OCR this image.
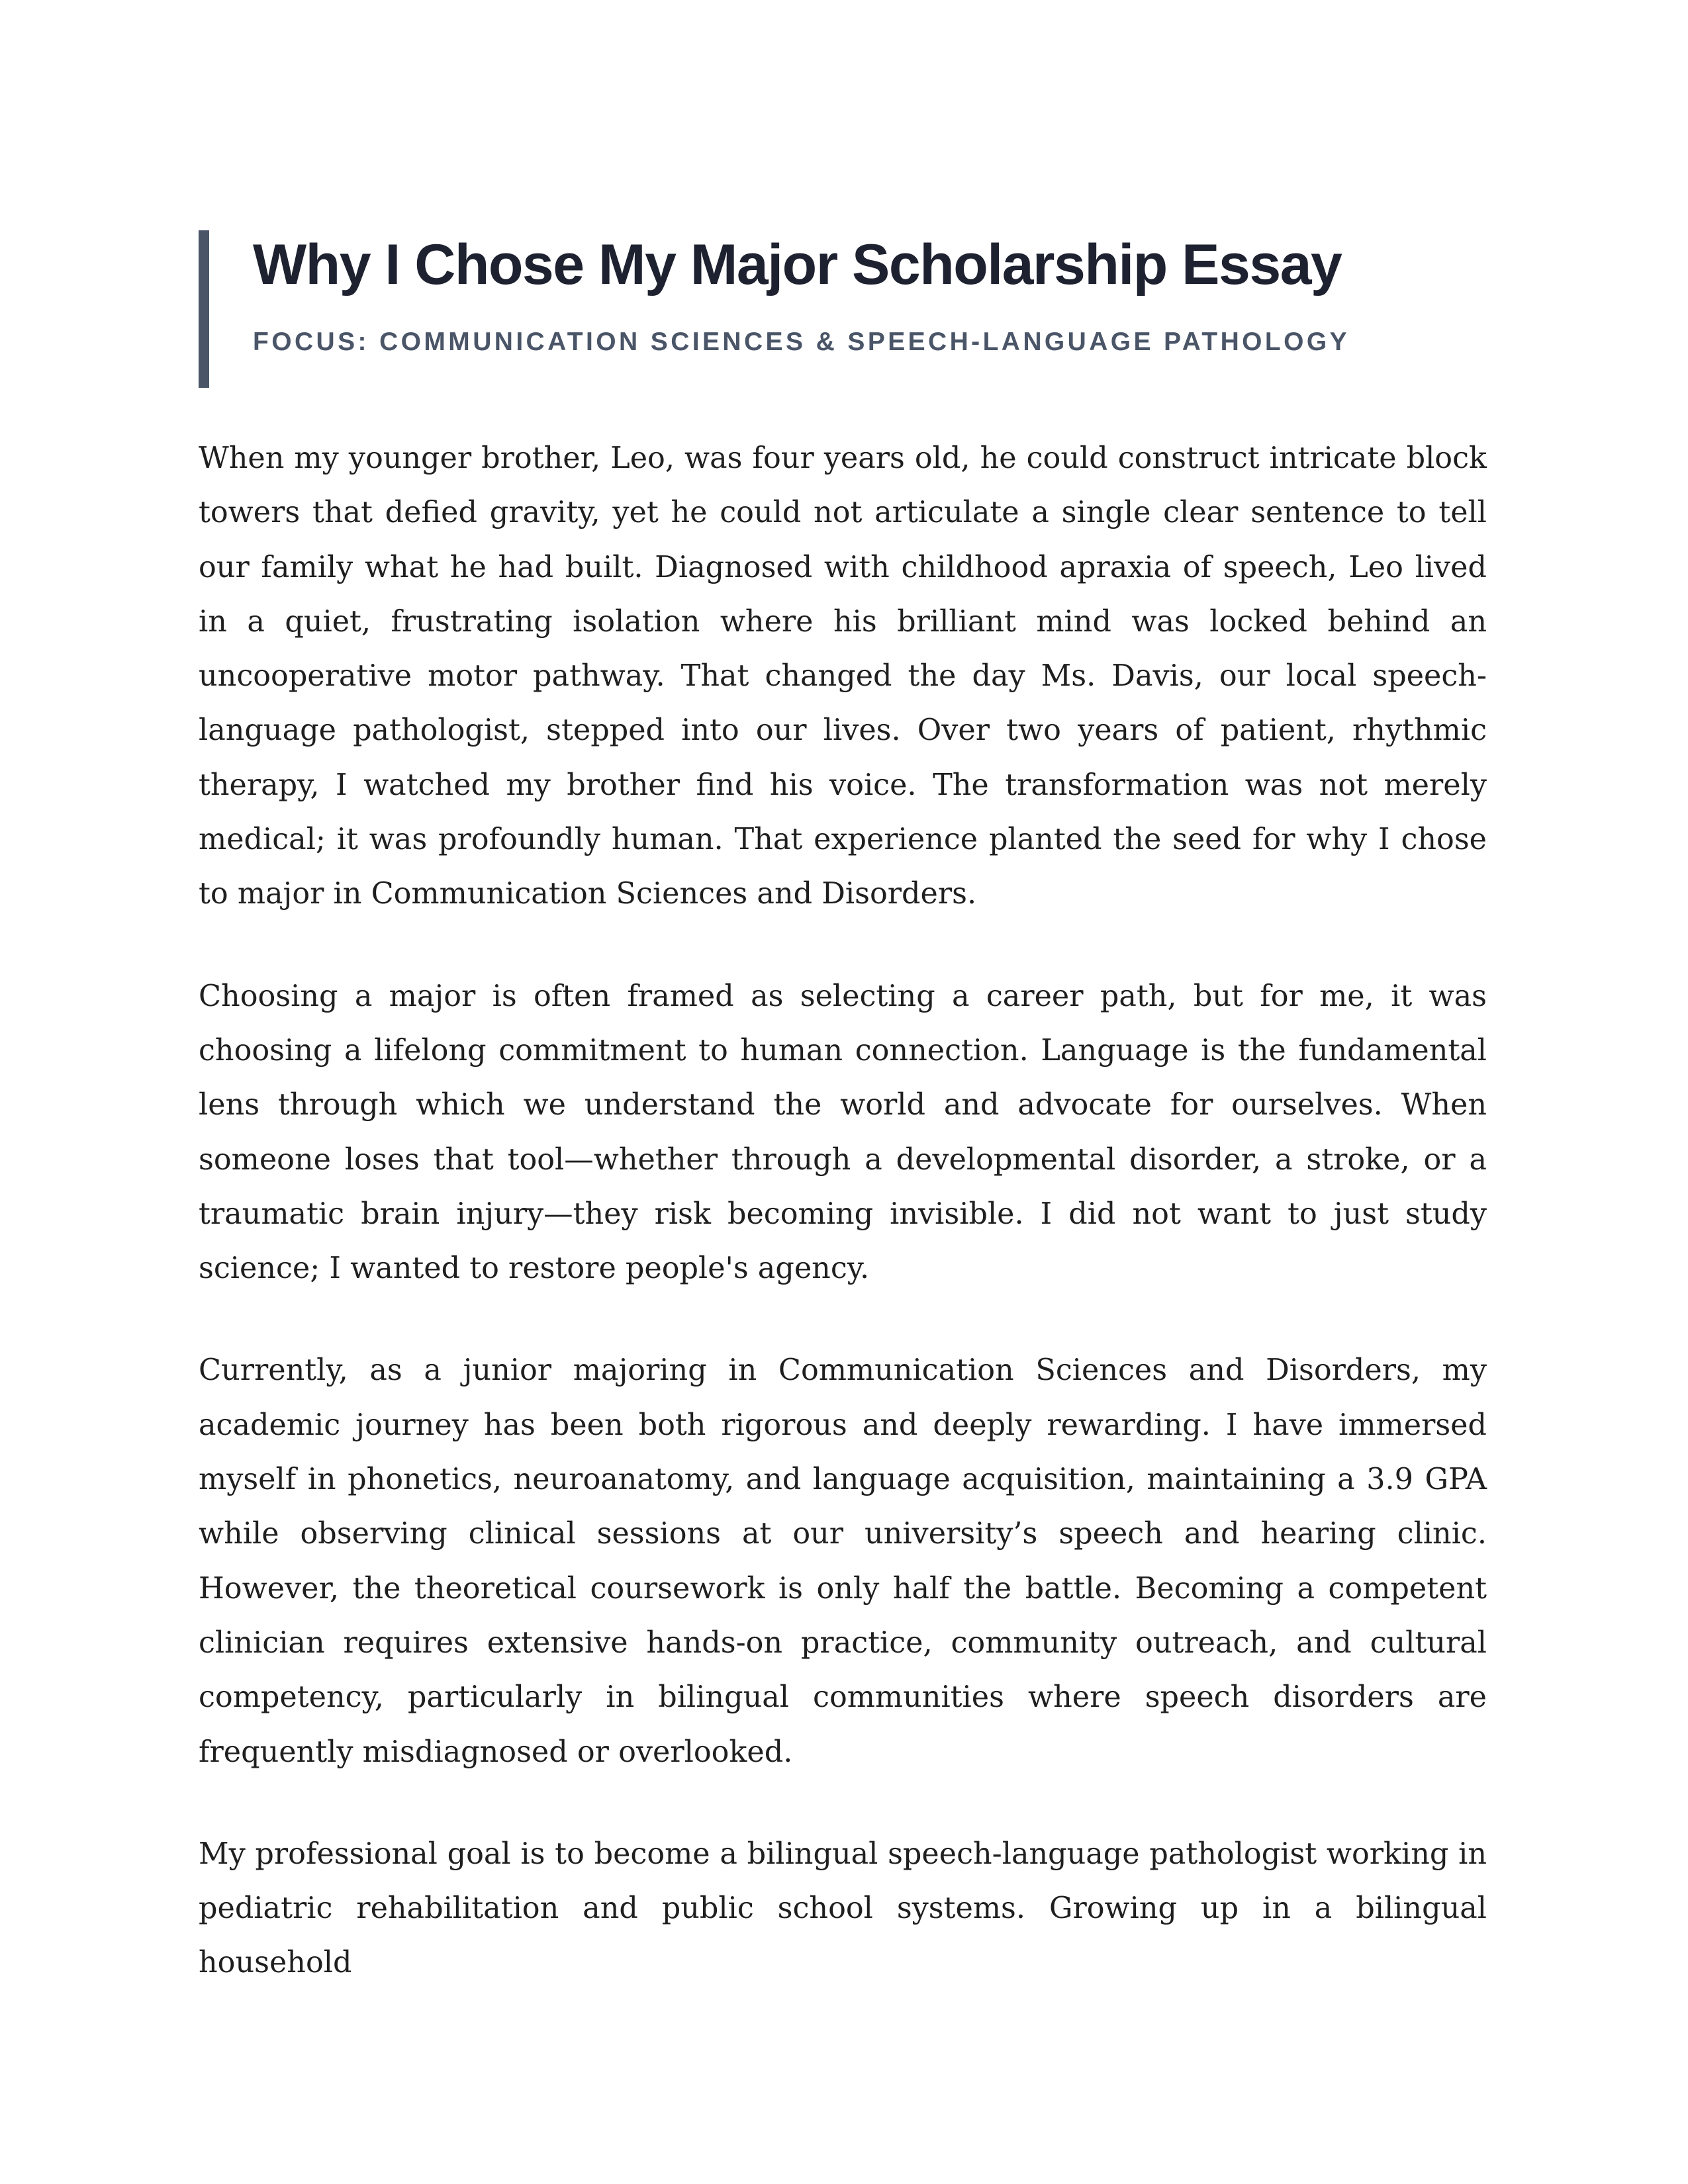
Why I Chose My Major Scholarship Essay
FOCUS: COMMUNICATION SCIENCES & SPEECH-LANGUAGE PATHOLOGY

When my younger brother, Leo, was four years old, he could construct intricate block towers that defied gravity, yet he could not articulate a single clear sentence to tell our family what he had built. Diagnosed with childhood apraxia of speech, Leo lived in a quiet, frustrating isolation where his brilliant mind was locked behind an uncooperative motor pathway. That changed the day Ms. Davis, our local speech-language pathologist, stepped into our lives. Over two years of patient, rhythmic therapy, I watched my brother find his voice. The transformation was not merely medical; it was profoundly human. That experience planted the seed for why I chose to major in Communication Sciences and Disorders.

Choosing a major is often framed as selecting a career path, but for me, it was choosing a lifelong commitment to human connection. Language is the fundamental lens through which we understand the world and advocate for ourselves. When someone loses that tool—whether through a developmental disorder, a stroke, or a traumatic brain injury—they risk becoming invisible. I did not want to just study science; I wanted to restore people's agency.

Currently, as a junior majoring in Communication Sciences and Disorders, my academic journey has been both rigorous and deeply rewarding. I have immersed myself in phonetics, neuroanatomy, and language acquisition, maintaining a 3.9 GPA while observing clinical sessions at our university’s speech and hearing clinic. However, the theoretical coursework is only half the battle. Becoming a competent clinician requires extensive hands-on practice, community outreach, and cultural competency, particularly in bilingual communities where speech disorders are frequently misdiagnosed or overlooked.

My professional goal is to become a bilingual speech-language pathologist working in pediatric rehabilitation and public school systems. Growing up in a bilingual household
